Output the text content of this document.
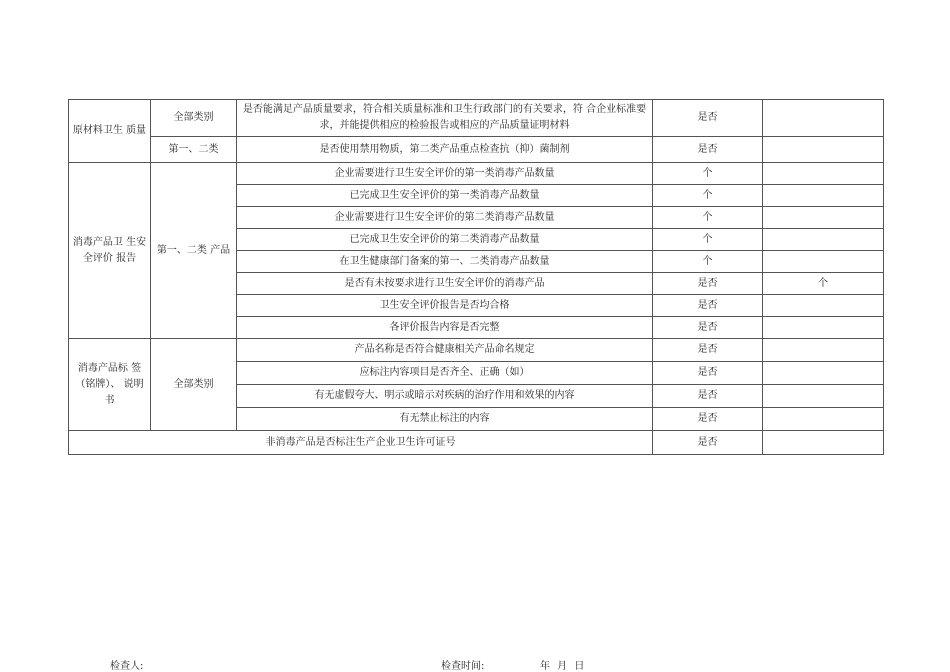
原材料卫生 质量	全部类别	是否能满足产品质量要求，符合相关质量标准和卫生行政部门的有关要求，符 合企业标准要求，并能提供相应的检验报告或相应的产品质量证明材料	是否	
	第一、二类	是否使用禁用物质，第二类产品重点检查抗（抑）菌制剂	是否	
消毒产品卫 生安全评价 报告	第一、二类 产品	企业需要进行卫生安全评价的第一类消毒产品数量	个	
		已完成卫生安全评价的第一类消毒产品数量	个	
		企业需要进行卫生安全评价的第二类消毒产品数量	个	
		已完成卫生安全评价的第二类消毒产品数量	个	
		在卫生健康部门备案的第一、二类消毒产品数量	个	
		是否有未按要求进行卫生安全评价的消毒产品	是否	个
		卫生安全评价报告是否均合格	是否	
		各评价报告内容是否完整	是否	
消毒产品标 签（铭牌）、 说明书	全部类别	产品名称是否符合健康相关产品命名规定	是否	
		应标注内容项目是否齐全、正确（如）	是否	
		有无虚假夸大、明示或暗示对疾病的治疗作用和效果的内容	是否	
		有无禁止标注的内容	是否	
非消毒产品是否标注生产企业卫生许可证号			是否	
检查人:	检查时间:	年 月 日
